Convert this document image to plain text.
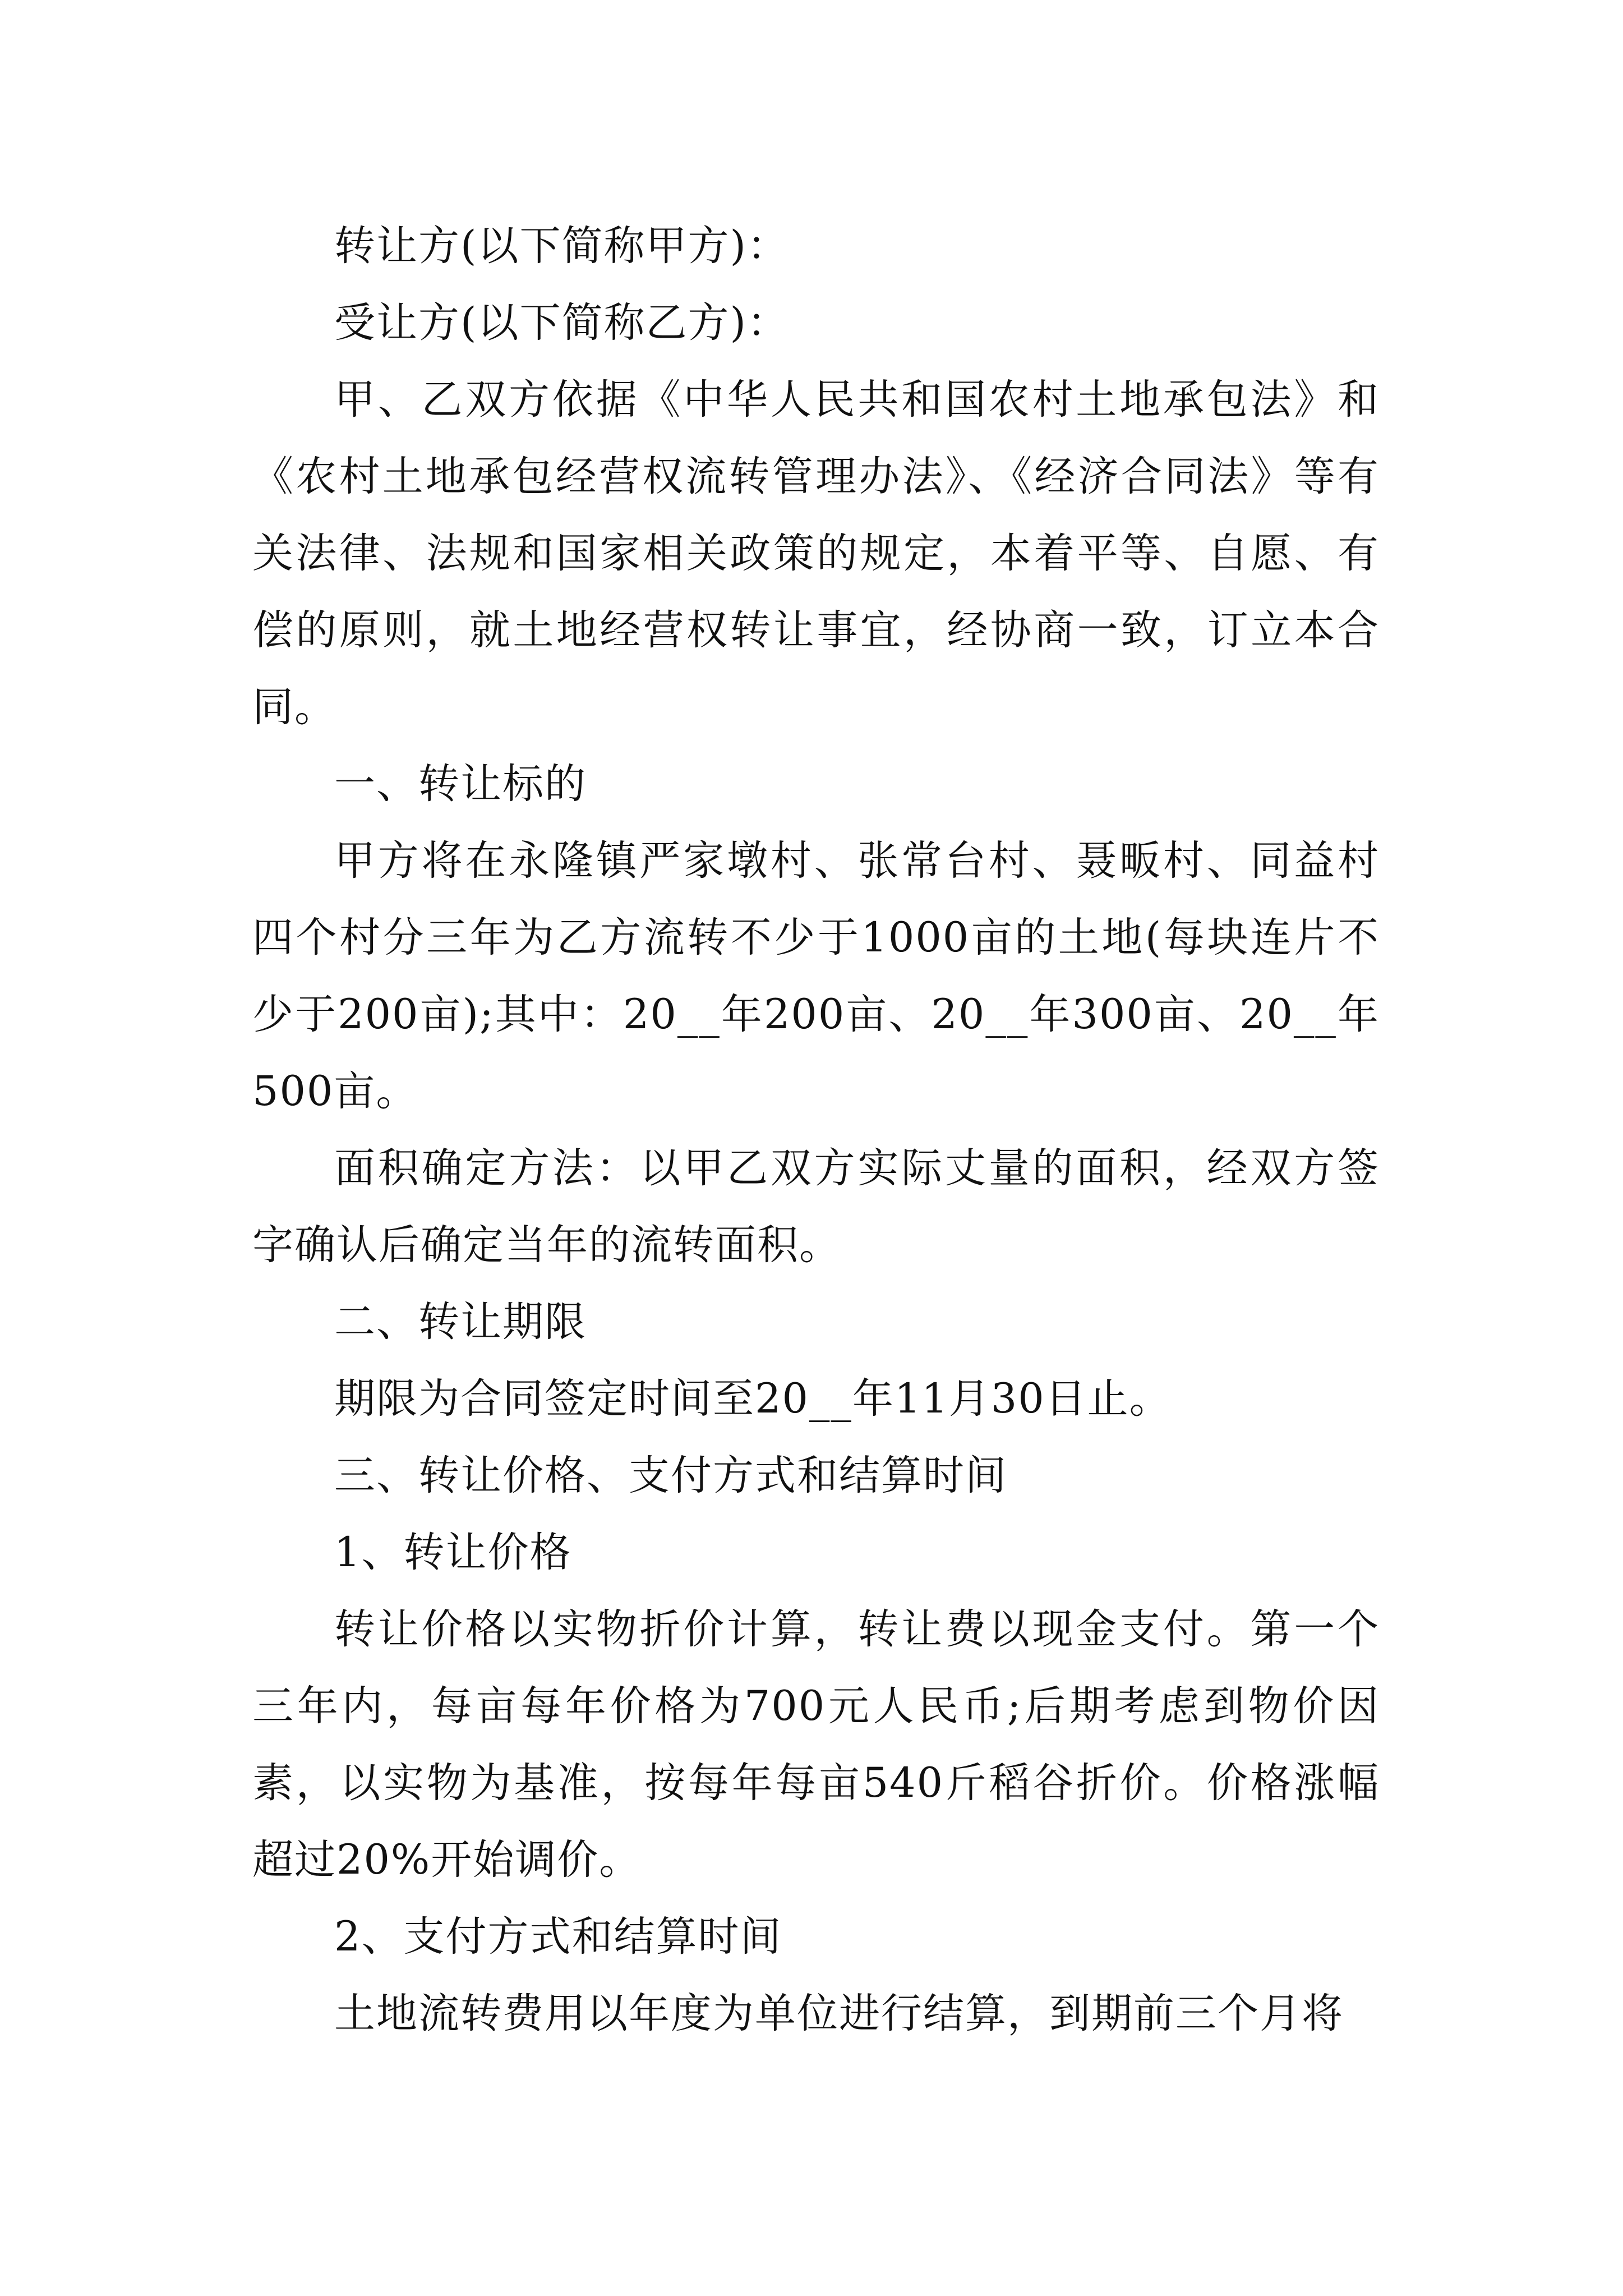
转让方(以下简称甲方)：

受让方(以下简称乙方)：

甲、乙双方依据《中华人民共和国农村土地承包法》和《农村土地承包经营权流转管理办法》、《经济合同法》等有关法律、法规和国家相关政策的规定，本着平等、自愿、有偿的原则，就土地经营权转让事宜，经协商一致，订立本合同。

一、转让标的

甲方将在永隆镇严家墩村、张常台村、聂畈村、同益村四个村分三年为乙方流转不少于1000亩的土地(每块连片不少于200亩);其中：20__年200亩、20__年300亩、20__年500亩。

面积确定方法：以甲乙双方实际丈量的面积，经双方签字确认后确定当年的流转面积。

二、转让期限

期限为合同签定时间至20__年11月30日止。

三、转让价格、支付方式和结算时间

1、转让价格

转让价格以实物折价计算，转让费以现金支付。第一个三年内，每亩每年价格为700元人民币;后期考虑到物价因素，以实物为基准，按每年每亩540斤稻谷折价。价格涨幅超过20%开始调价。

2、支付方式和结算时间

土地流转费用以年度为单位进行结算，到期前三个月将
